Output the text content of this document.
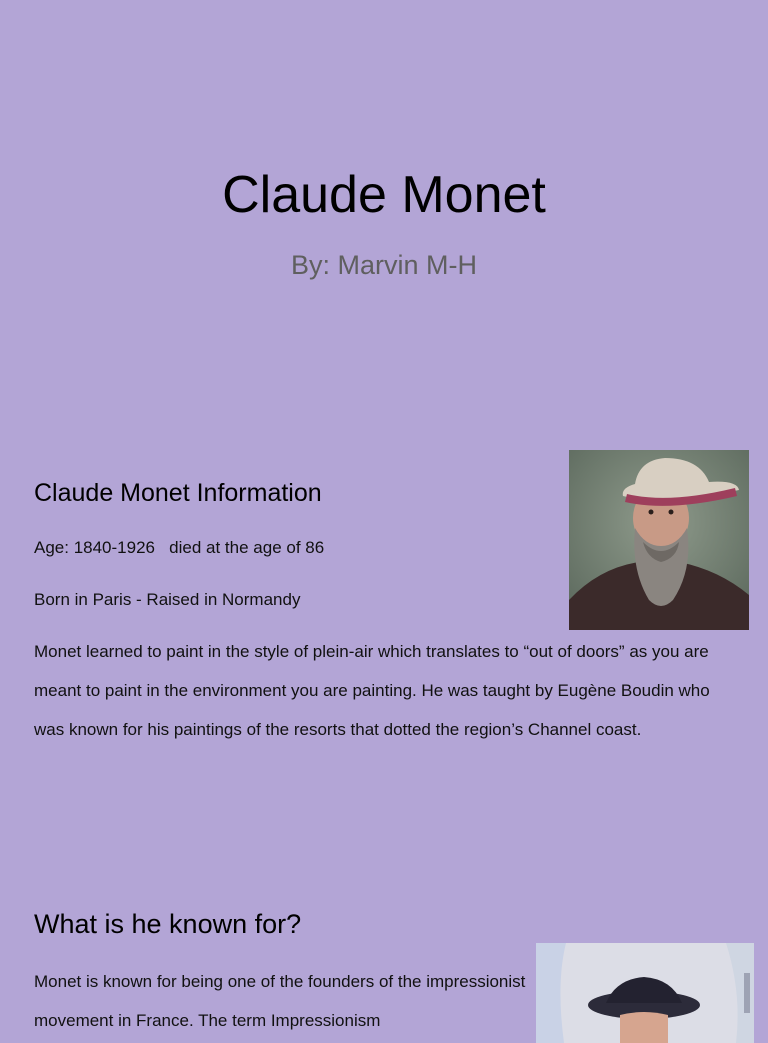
Claude Monet
By: Marvin M-H
Claude Monet Information
Age: 1840-1926   died at the age of 86
Born in Paris - Raised in Normandy
Monet learned to paint in the style of plein-air which translates to “out of doors” as you are meant to paint in the environment you are painting. He was taught by Eugène Boudin who was known for his paintings of the resorts that dotted the region’s Channel coast.
What is he known for?
Monet is known for being one of the founders of the impressionist movement in France. The term Impressionism
